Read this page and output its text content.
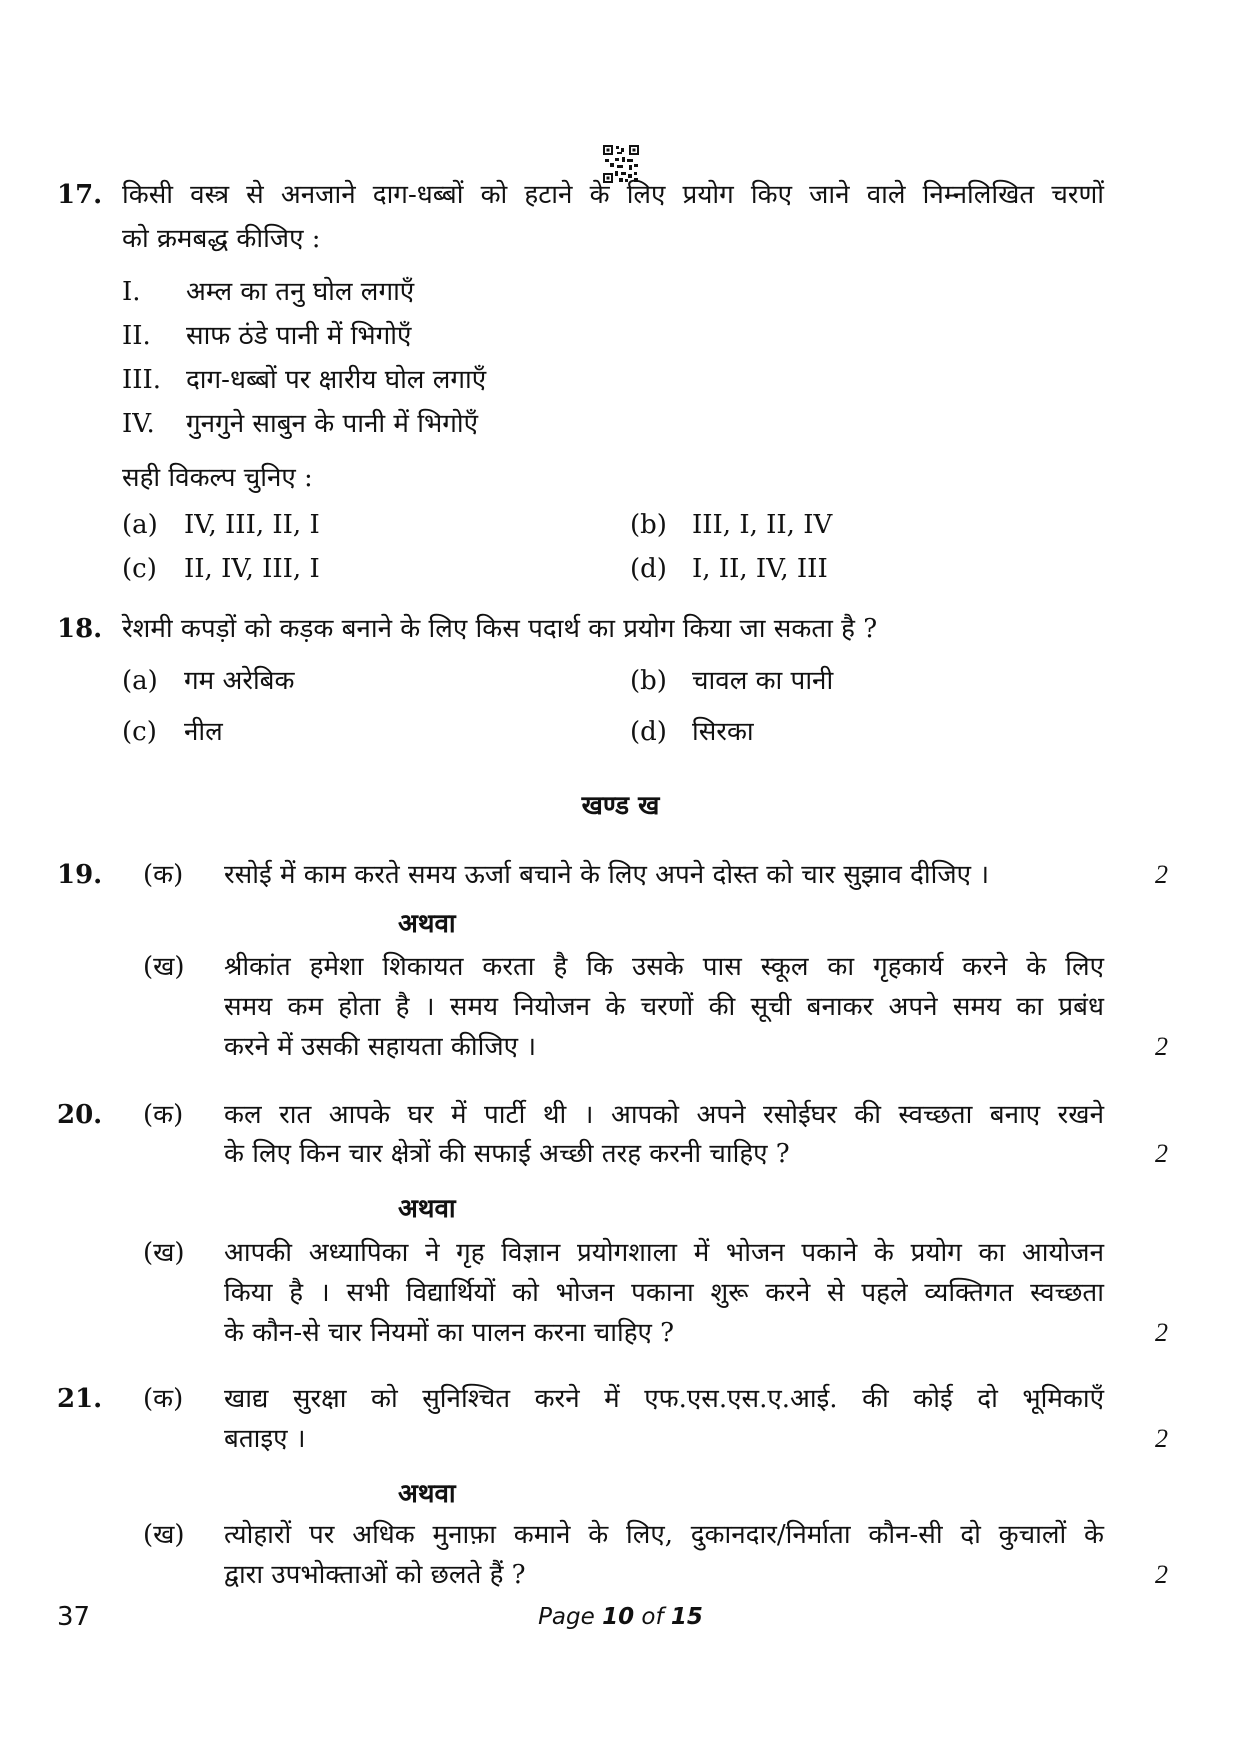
17. किसी वस्त्र से अनजाने दाग-धब्बों को हटाने के लिए प्रयोग किए जाने वाले निम्नलिखित चरणों
को क्रमबद्ध कीजिए :
I. अम्ल का तनु घोल लगाएँ
II. साफ ठंडे पानी में भिगोएँ
III. दाग-धब्बों पर क्षारीय घोल लगाएँ
IV. गुनगुने साबुन के पानी में भिगोएँ
सही विकल्प चुनिए :
(a) IV, III, II, I	(b) III, I, II, IV
(c) II, IV, III, I	(d) I, II, IV, III
18. रेशमी कपड़ों को कड़क बनाने के लिए किस पदार्थ का प्रयोग किया जा सकता है ?
(a) गम अरेबिक	(b) चावल का पानी
(c) नील	(d) सिरका
खण्ड ख
19. (क) रसोई में काम करते समय ऊर्जा बचाने के लिए अपने दोस्त को चार सुझाव दीजिए ।	2
अथवा
(ख) श्रीकांत हमेशा शिकायत करता है कि उसके पास स्कूल का गृहकार्य करने के लिए
समय कम होता है । समय नियोजन के चरणों की सूची बनाकर अपने समय का प्रबंध
करने में उसकी सहायता कीजिए ।	2
20. (क) कल रात आपके घर में पार्टी थी । आपको अपने रसोईघर की स्वच्छता बनाए रखने
के लिए किन चार क्षेत्रों की सफाई अच्छी तरह करनी चाहिए ?	2
अथवा
(ख) आपकी अध्यापिका ने गृह विज्ञान प्रयोगशाला में भोजन पकाने के प्रयोग का आयोजन
किया है । सभी विद्यार्थियों को भोजन पकाना शुरू करने से पहले व्यक्तिगत स्वच्छता
के कौन-से चार नियमों का पालन करना चाहिए ?	2
21. (क) खाद्य सुरक्षा को सुनिश्चित करने में एफ.एस.एस.ए.आई. की कोई दो भूमिकाएँ
बताइए ।	2
अथवा
(ख) त्योहारों पर अधिक मुनाफ़ा कमाने के लिए, दुकानदार/निर्माता कौन-सी दो कुचालों के
द्वारा उपभोक्ताओं को छलते हैं ?	2
37	Page 10 of 15
